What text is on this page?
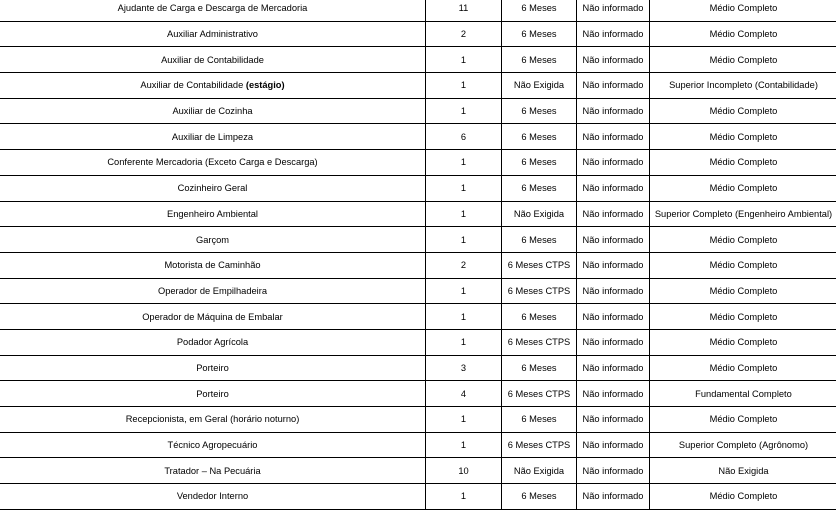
Ajudante de Carga e Descarga de Mercadoria	11	6 Meses	Não informado	Médio Completo
Auxiliar Administrativo	2	6 Meses	Não informado	Médio Completo
Auxiliar de Contabilidade	1	6 Meses	Não informado	Médio Completo
Auxiliar de Contabilidade (estágio)	1	Não Exigida	Não informado	Superior Incompleto (Contabilidade)
Auxiliar de Cozinha	1	6 Meses	Não informado	Médio Completo
Auxiliar de Limpeza	6	6 Meses	Não informado	Médio Completo
Conferente Mercadoria (Exceto Carga e Descarga)	1	6 Meses	Não informado	Médio Completo
Cozinheiro Geral	1	6 Meses	Não informado	Médio Completo
Engenheiro Ambiental	1	Não Exigida	Não informado	Superior Completo (Engenheiro Ambiental)
Garçom	1	6 Meses	Não informado	Médio Completo
Motorista de Caminhão	2	6 Meses CTPS	Não informado	Médio Completo
Operador de Empilhadeira	1	6 Meses CTPS	Não informado	Médio Completo
Operador de Máquina de Embalar	1	6 Meses	Não informado	Médio Completo
Podador Agrícola	1	6 Meses CTPS	Não informado	Médio Completo
Porteiro	3	6 Meses	Não informado	Médio Completo
Porteiro	4	6 Meses CTPS	Não informado	Fundamental Completo
Recepcionista, em Geral (horário noturno)	1	6 Meses	Não informado	Médio Completo
Técnico Agropecuário	1	6 Meses CTPS	Não informado	Superior Completo (Agrônomo)
Tratador – Na Pecuária	10	Não Exigida	Não informado	Não Exigida
Vendedor Interno	1	6 Meses	Não informado	Médio Completo
